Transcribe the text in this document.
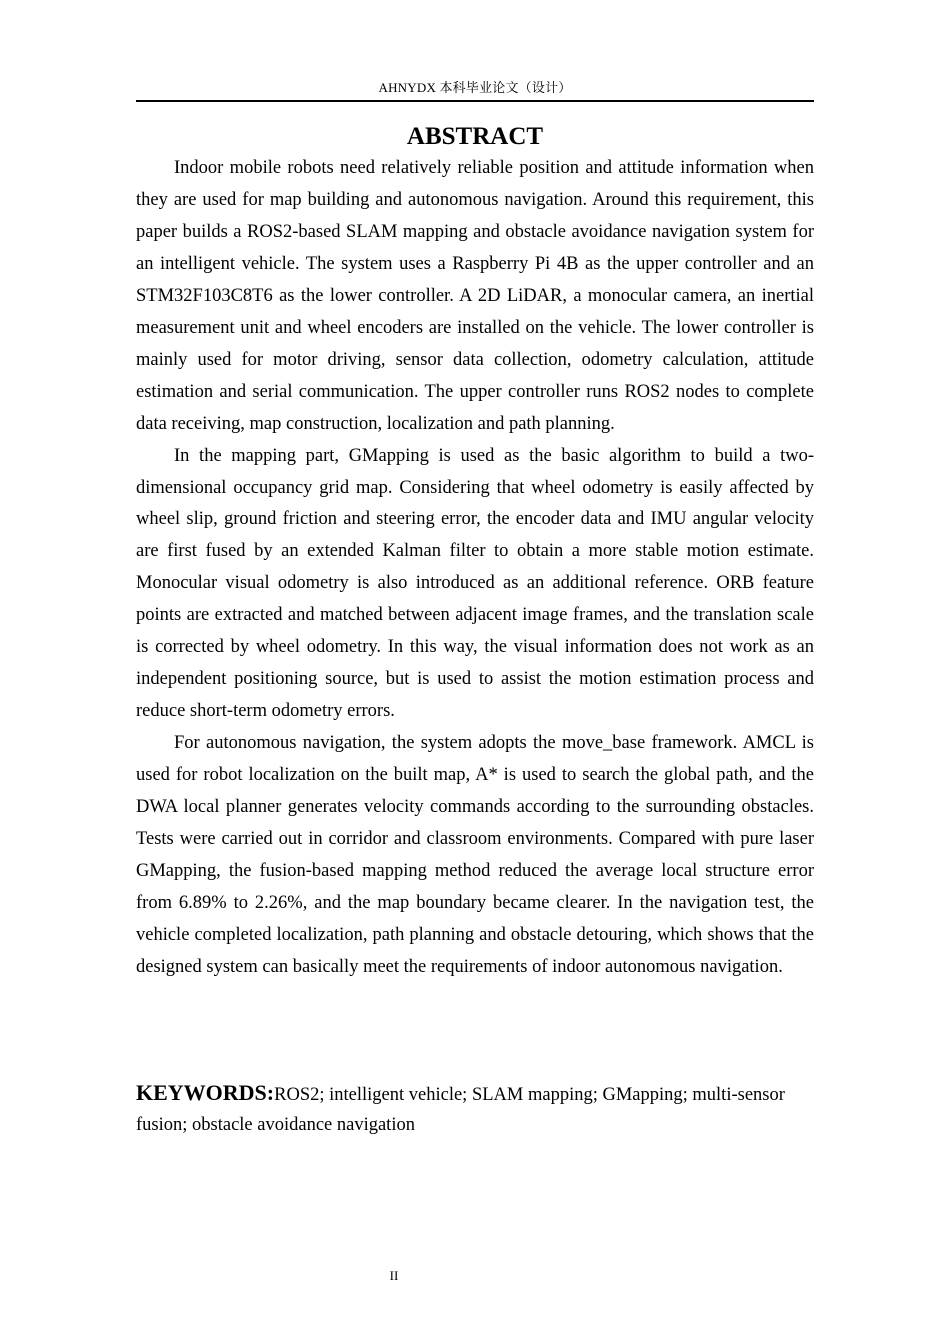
AHNYDX 本科毕业论文（设计）
ABSTRACT

Indoor mobile robots need relatively reliable position and attitude information when they are used for map building and autonomous navigation. Around this requirement, this paper builds a ROS2-based SLAM mapping and obstacle avoidance navigation system for an intelligent vehicle. The system uses a Raspberry Pi 4B as the upper controller and an STM32F103C8T6 as the lower controller. A 2D LiDAR, a monocular camera, an inertial measurement unit and wheel encoders are installed on the vehicle. The lower controller is mainly used for motor driving, sensor data collection, odometry calculation, attitude estimation and serial communication. The upper controller runs ROS2 nodes to complete data receiving, map construction, localization and path planning.

In the mapping part, GMapping is used as the basic algorithm to build a two-dimensional occupancy grid map. Considering that wheel odometry is easily affected by wheel slip, ground friction and steering error, the encoder data and IMU angular velocity are first fused by an extended Kalman filter to obtain a more stable motion estimate. Monocular visual odometry is also introduced as an additional reference. ORB feature points are extracted and matched between adjacent image frames, and the translation scale is corrected by wheel odometry. In this way, the visual information does not work as an independent positioning source, but is used to assist the motion estimation process and reduce short-term odometry errors.

For autonomous navigation, the system adopts the move_base framework. AMCL is used for robot localization on the built map, A* is used to search the global path, and the DWA local planner generates velocity commands according to the surrounding obstacles. Tests were carried out in corridor and classroom environments. Compared with pure laser GMapping, the fusion-based mapping method reduced the average local structure error from 6.89% to 2.26%, and the map boundary became clearer. In the navigation test, the vehicle completed localization, path planning and obstacle detouring, which shows that the designed system can basically meet the requirements of indoor autonomous navigation.

KEYWORDS:ROS2; intelligent vehicle; SLAM mapping; GMapping; multi-sensor fusion; obstacle avoidance navigation

II
